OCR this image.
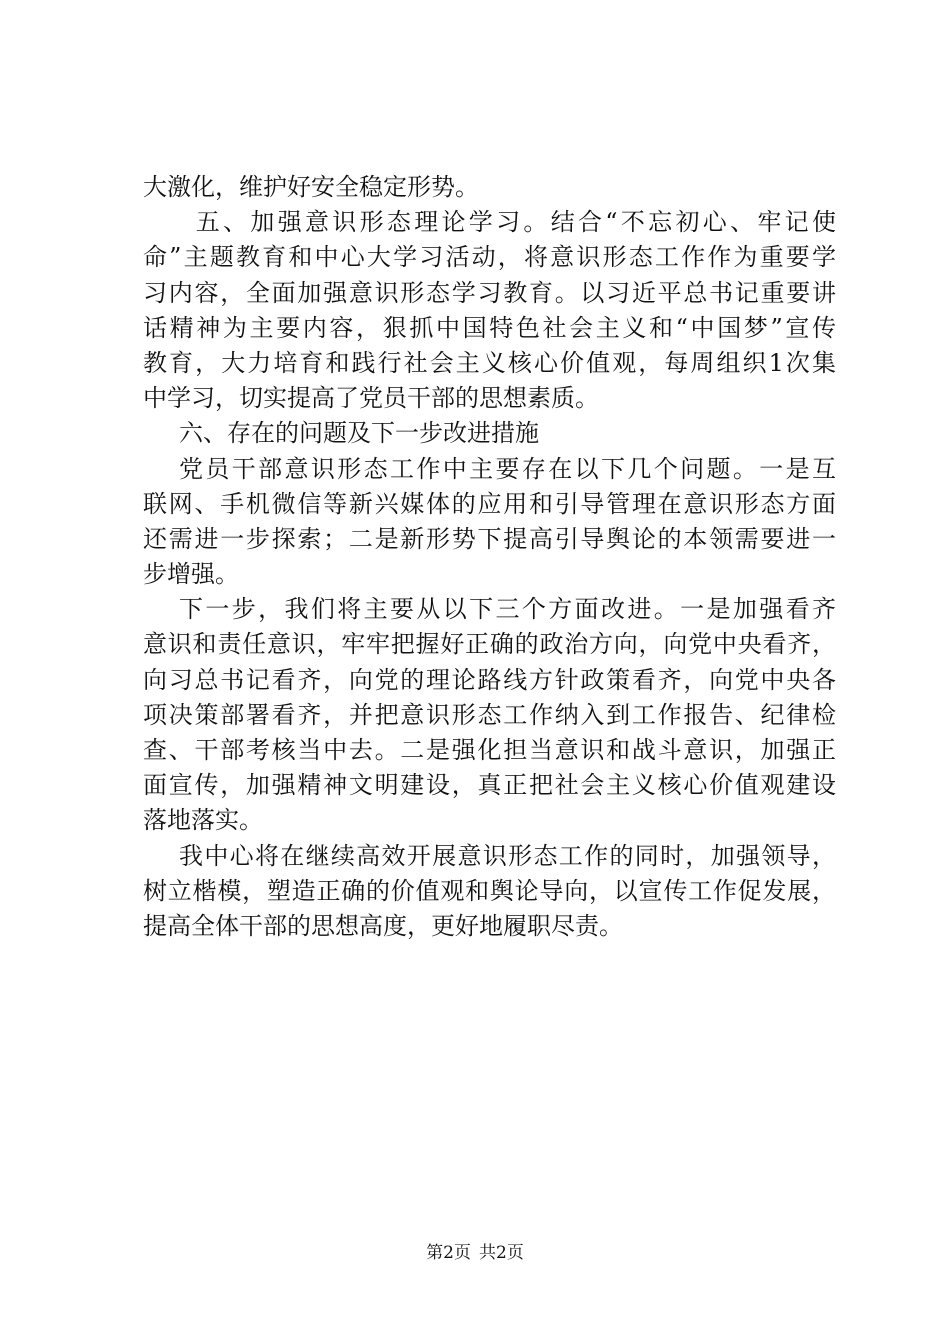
大激化，维护好安全稳定形势。
五、加强意识形态理论学习。结合“不忘初心、牢记使
命”主题教育和中心大学习活动，将意识形态工作作为重要学
习内容，全面加强意识形态学习教育。以习近平总书记重要讲
话精神为主要内容，狠抓中国特色社会主义和“中国梦”宣传
教育，大力培育和践行社会主义核心价值观，每周组织1次集
中学习，切实提高了党员干部的思想素质。
六、存在的问题及下一步改进措施
党员干部意识形态工作中主要存在以下几个问题。一是互
联网、手机微信等新兴媒体的应用和引导管理在意识形态方面
还需进一步探索；二是新形势下提高引导舆论的本领需要进一
步增强。
下一步，我们将主要从以下三个方面改进。一是加强看齐
意识和责任意识，牢牢把握好正确的政治方向，向党中央看齐，
向习总书记看齐，向党的理论路线方针政策看齐，向党中央各
项决策部署看齐，并把意识形态工作纳入到工作报告、纪律检
查、干部考核当中去。二是强化担当意识和战斗意识，加强正
面宣传，加强精神文明建设，真正把社会主义核心价值观建设
落地落实。
我中心将在继续高效开展意识形态工作的同时，加强领导，
树立楷模，塑造正确的价值观和舆论导向，以宣传工作促发展，
提高全体干部的思想高度，更好地履职尽责。
第2页 共2页
